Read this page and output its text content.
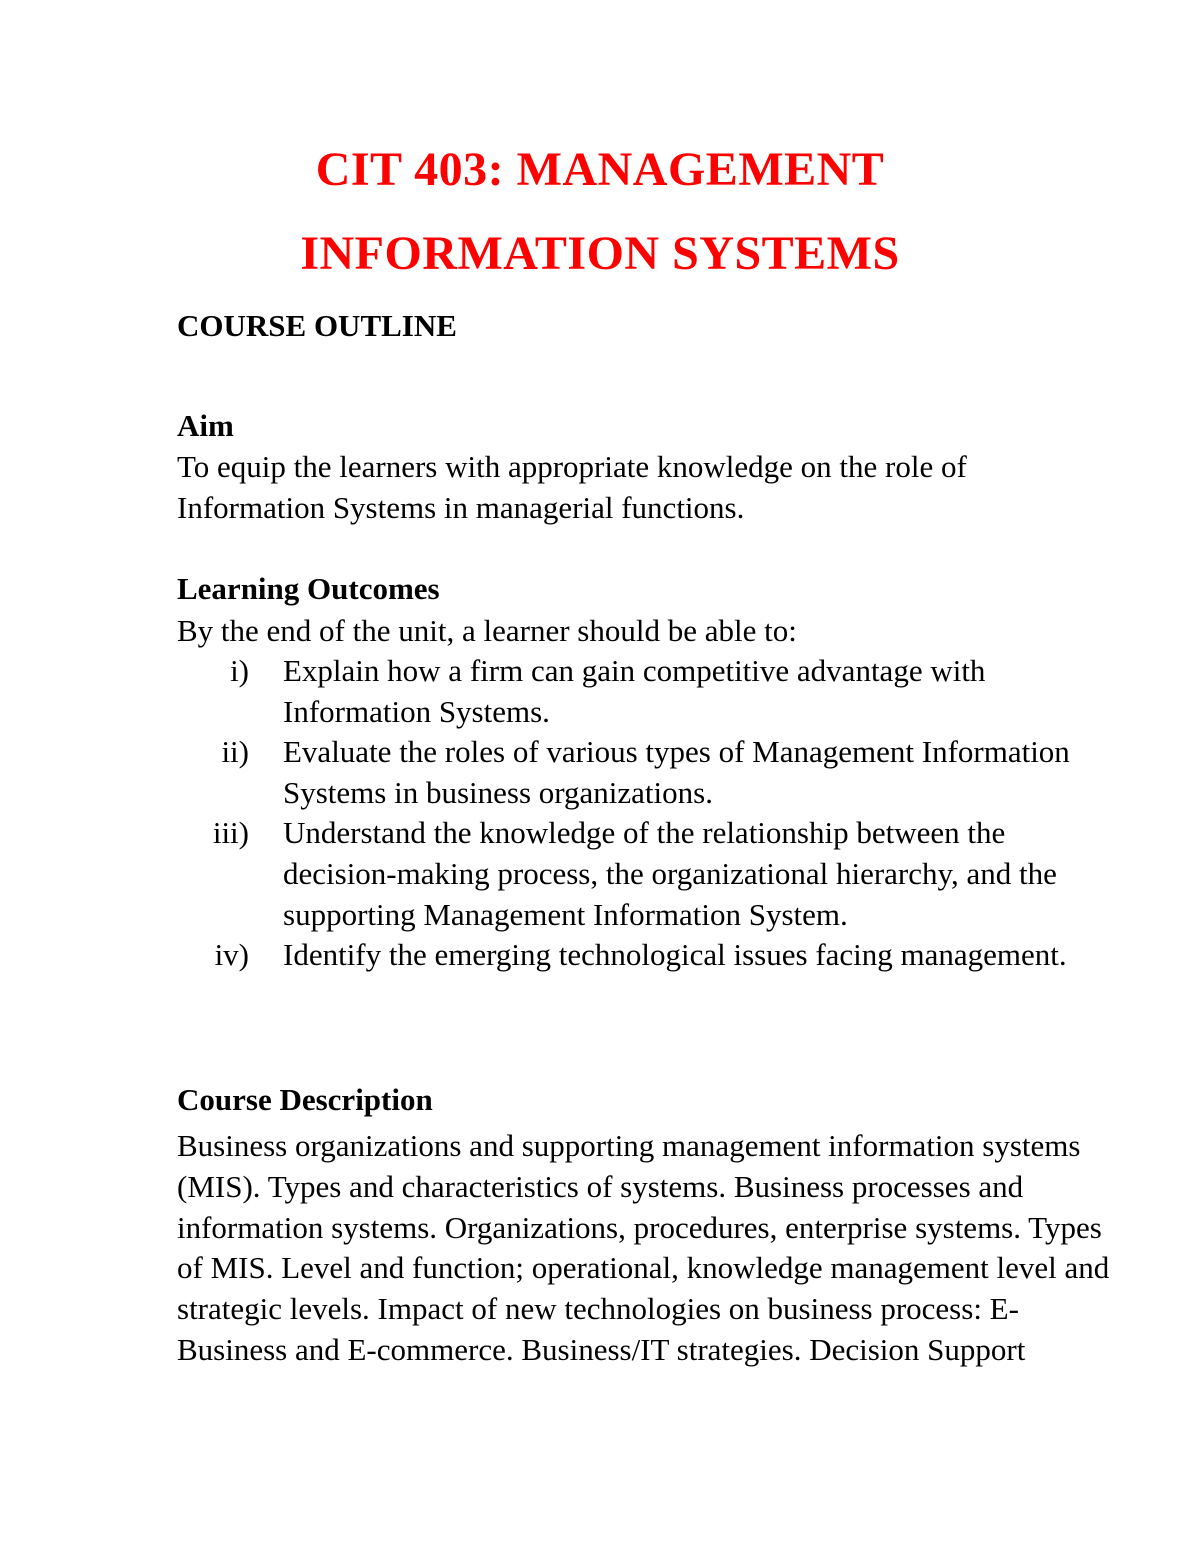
CIT 403: MANAGEMENT
INFORMATION SYSTEMS
COURSE OUTLINE
Aim
To equip the learners with appropriate knowledge on the role of Information Systems in managerial functions.
Learning Outcomes
By the end of the unit, a learner should be able to:
i) Explain how a firm can gain competitive advantage with Information Systems.
ii) Evaluate the roles of various types of Management Information Systems in business organizations.
iii) Understand the knowledge of the relationship between the decision-making process, the organizational hierarchy, and the supporting Management Information System.
iv) Identify the emerging technological issues facing management.
Course Description
Business organizations and supporting management information systems (MIS). Types and characteristics of systems. Business processes and information systems. Organizations, procedures, enterprise systems. Types of MIS. Level and function; operational, knowledge management level and strategic levels. Impact of new technologies on business process: E-Business and E-commerce. Business/IT strategies. Decision Support
